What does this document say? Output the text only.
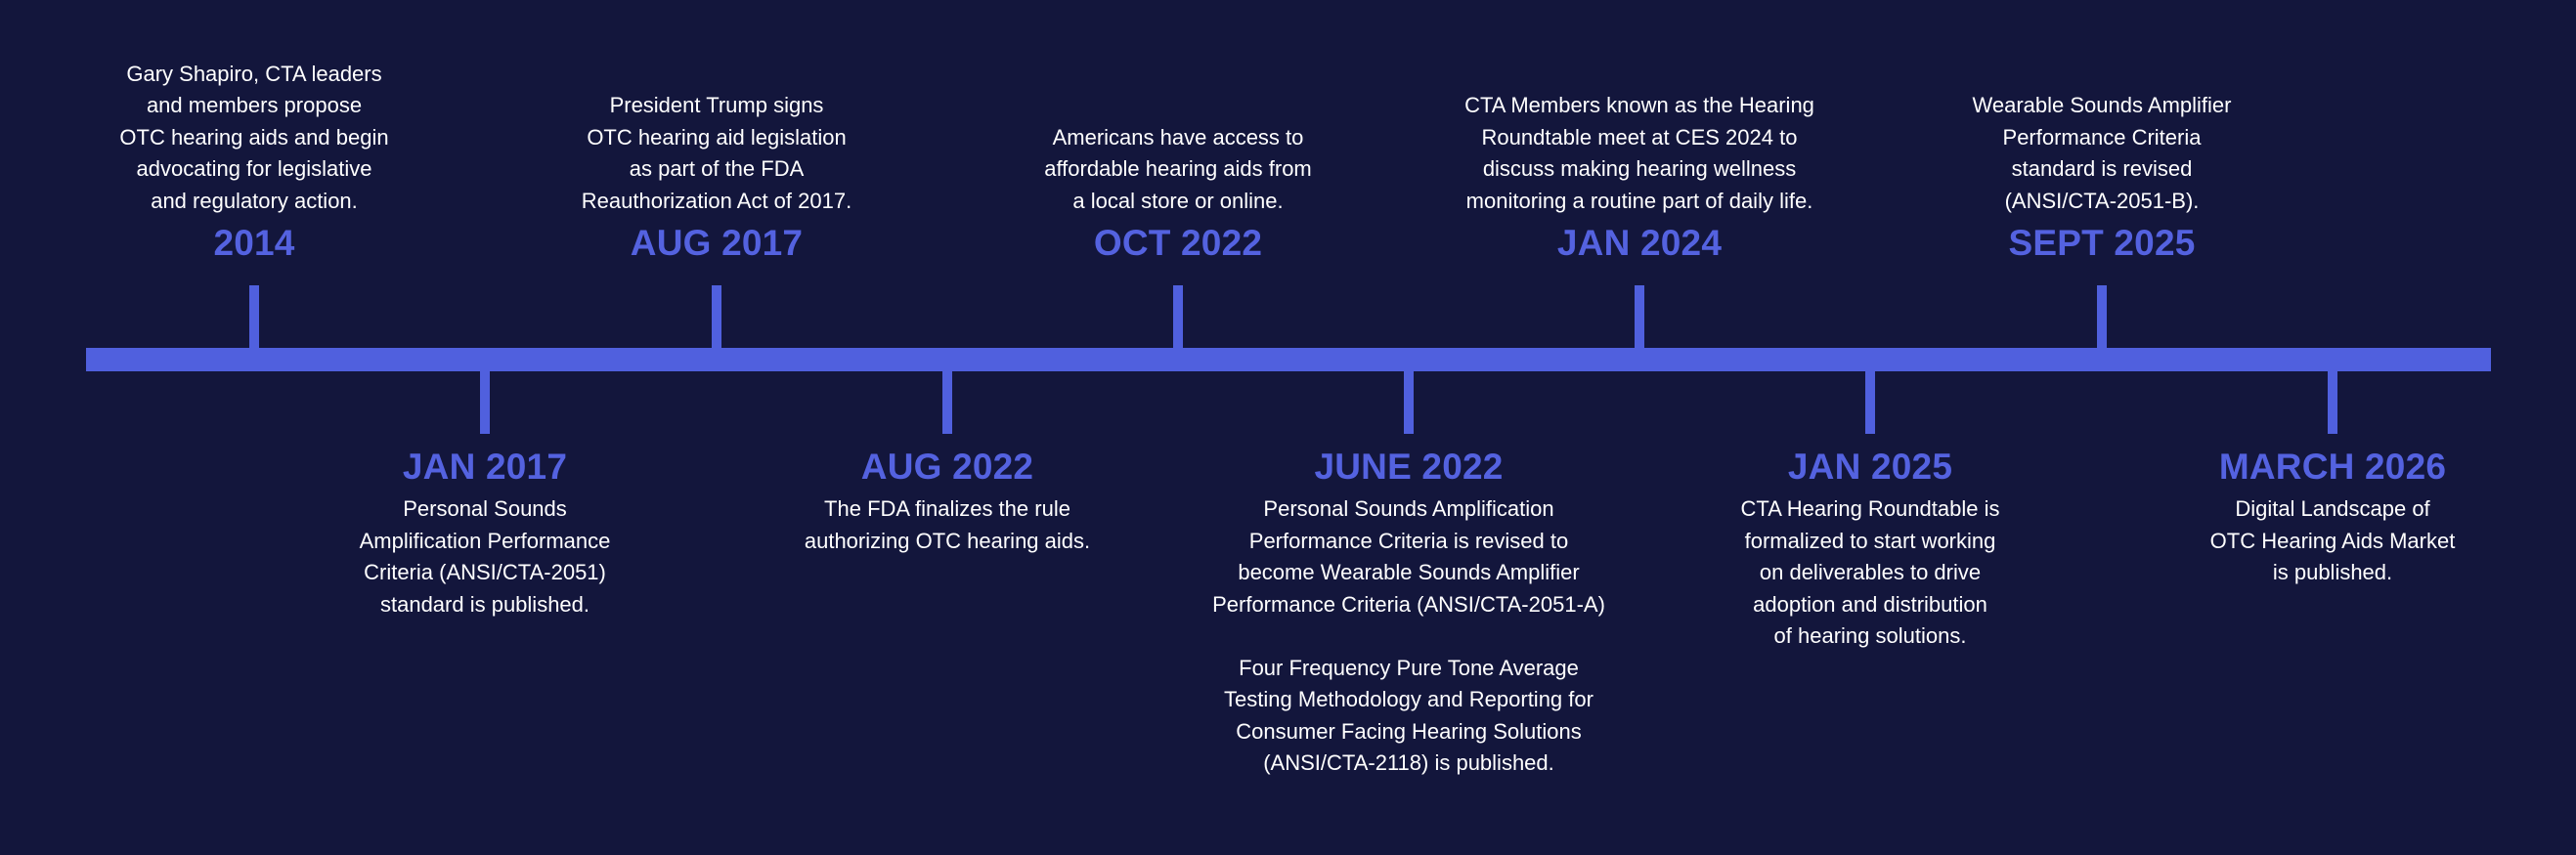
Gary Shapiro, CTA leaders
and members propose
OTC hearing aids and begin
advocating for legislative
and regulatory action.
2014
JAN 2017
Personal Sounds
Amplification Performance
Criteria (ANSI/CTA-2051)
standard is published.
President Trump signs
OTC hearing aid legislation
as part of the FDA
Reauthorization Act of 2017.
AUG 2017
AUG 2022
The FDA finalizes the rule
authorizing OTC hearing aids.
Americans have access to
affordable hearing aids from
a local store or online.
OCT 2022
JUNE 2022
Personal Sounds Amplification
Performance Criteria is revised to
become Wearable Sounds Amplifier
Performance Criteria (ANSI/CTA-2051-A)
Four Frequency Pure Tone Average
Testing Methodology and Reporting for
Consumer Facing Hearing Solutions
(ANSI/CTA-2118) is published.
CTA Members known as the Hearing
Roundtable meet at CES 2024 to
discuss making hearing wellness
monitoring a routine part of daily life.
JAN 2024
JAN 2025
CTA Hearing Roundtable is
formalized to start working
on deliverables to drive
adoption and distribution
of hearing solutions.
Wearable Sounds Amplifier
Performance Criteria
standard is revised
(ANSI/CTA-2051-B).
SEPT 2025
MARCH 2026
Digital Landscape of
OTC Hearing Aids Market
is published.
